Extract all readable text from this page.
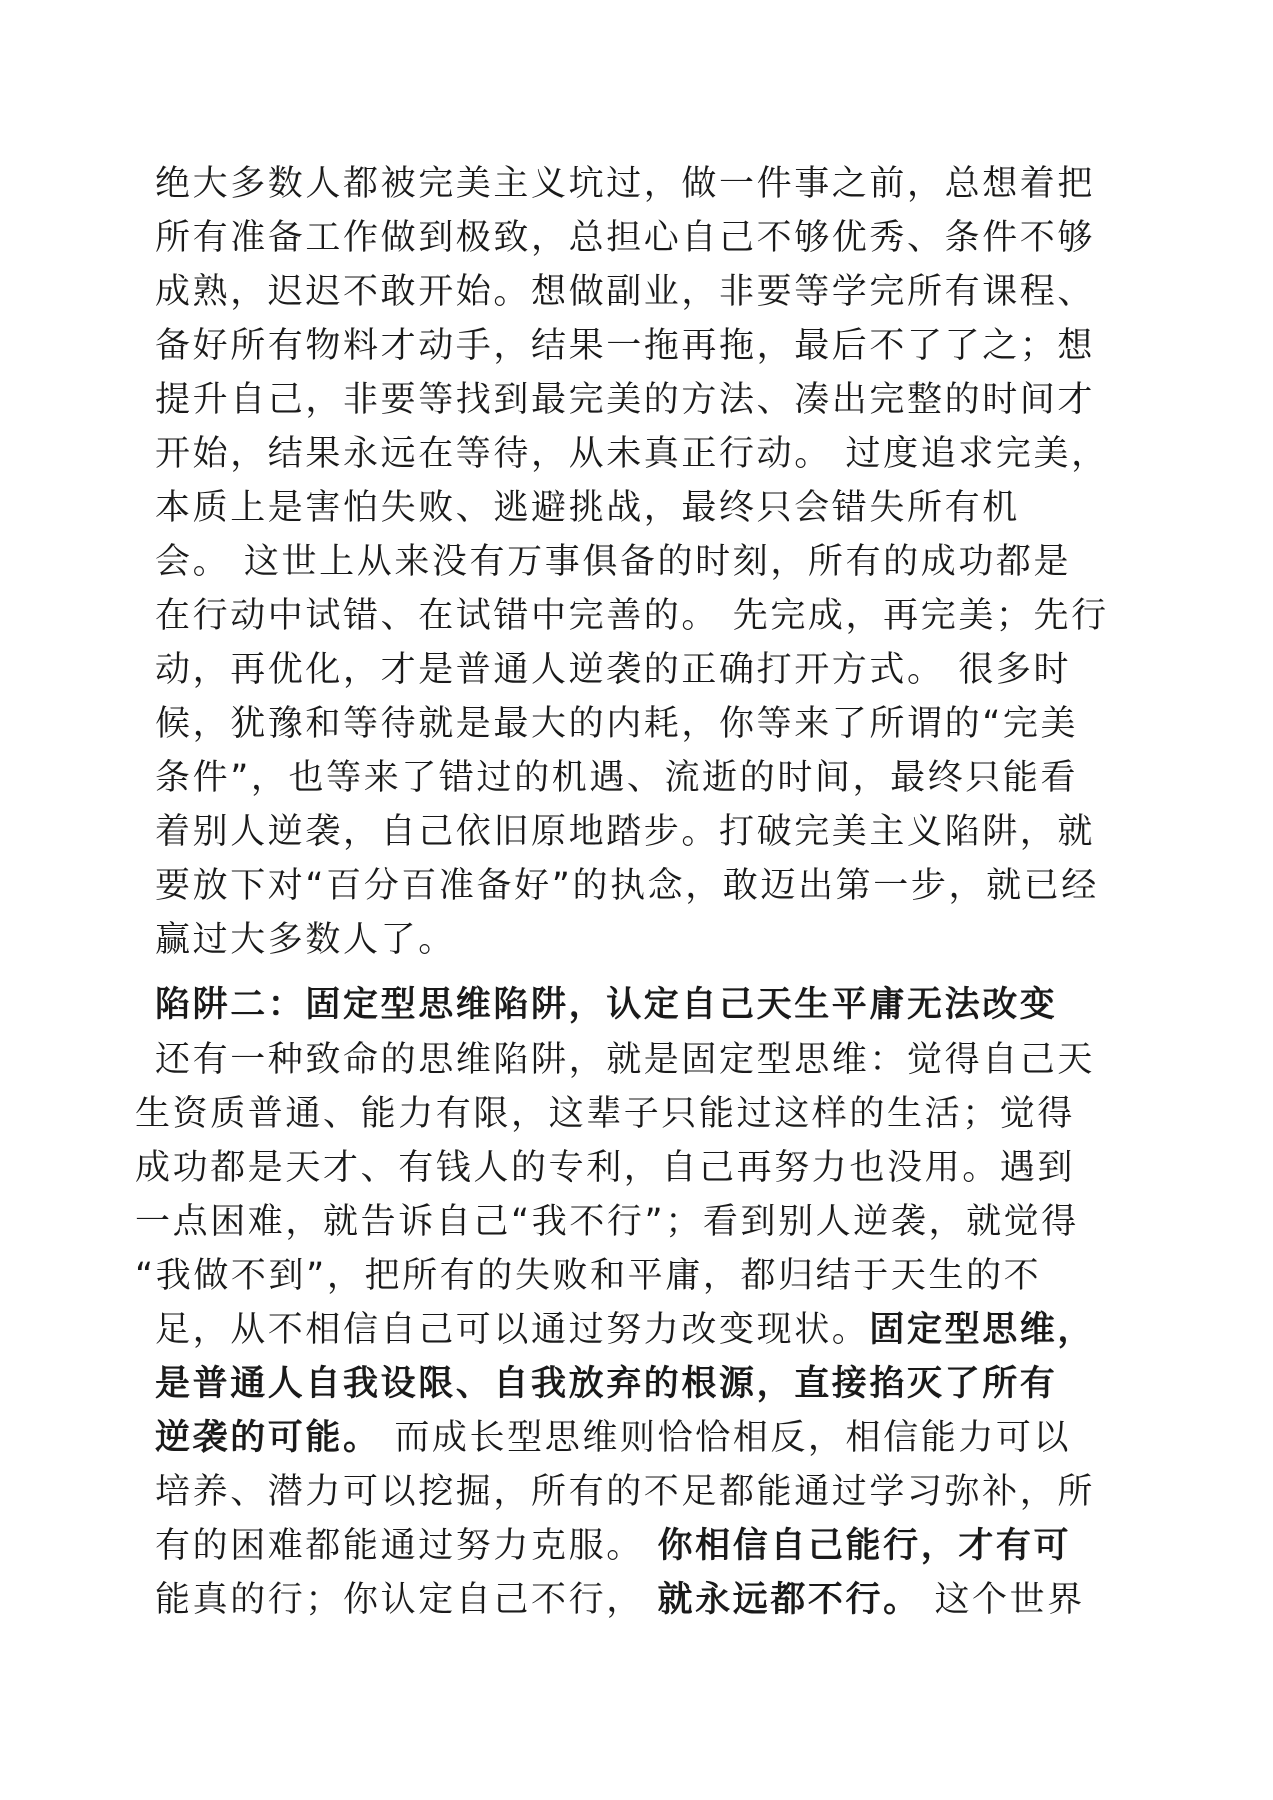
绝大多数人都被完美主义坑过，做一件事之前，总想着把
所有准备工作做到极致，总担心自己不够优秀、条件不够
成熟，迟迟不敢开始。想做副业，非要等学完所有课程、
备好所有物料才动手，结果一拖再拖，最后不了了之；想
提升自己，非要等找到最完美的方法、凑出完整的时间才
开始，结果永远在等待，从未真正行动。 过度追求完美，
本质上是害怕失败、逃避挑战，最终只会错失所有机
会。 这世上从来没有万事俱备的时刻，所有的成功都是
在行动中试错、在试错中完善的。 先完成，再完美；先行
动，再优化，才是普通人逆袭的正确打开方式。 很多时
候，犹豫和等待就是最大的内耗，你等来了所谓的“完美
条件”，也等来了错过的机遇、流逝的时间，最终只能看
着别人逆袭，自己依旧原地踏步。打破完美主义陷阱，就
要放下对“百分百准备好”的执念，敢迈出第一步，就已经
赢过大多数人了。
陷阱二：固定型思维陷阱，认定自己天生平庸无法改变
还有一种致命的思维陷阱，就是固定型思维：觉得自己天
生资质普通、能力有限，这辈子只能过这样的生活；觉得
成功都是天才、有钱人的专利，自己再努力也没用。遇到
一点困难，就告诉自己“我不行”；看到别人逆袭，就觉得
“我做不到”，把所有的失败和平庸，都归结于天生的不
足，从不相信自己可以通过努力改变现状。固定型思维，
是普通人自我设限、自我放弃的根源，直接掐灭了所有
逆袭的可能。 而成长型思维则恰恰相反，相信能力可以
培养、潜力可以挖掘，所有的不足都能通过学习弥补，所
有的困难都能通过努力克服。 你相信自己能行，才有可
能真的行；你认定自己不行， 就永远都不行。 这个世界
